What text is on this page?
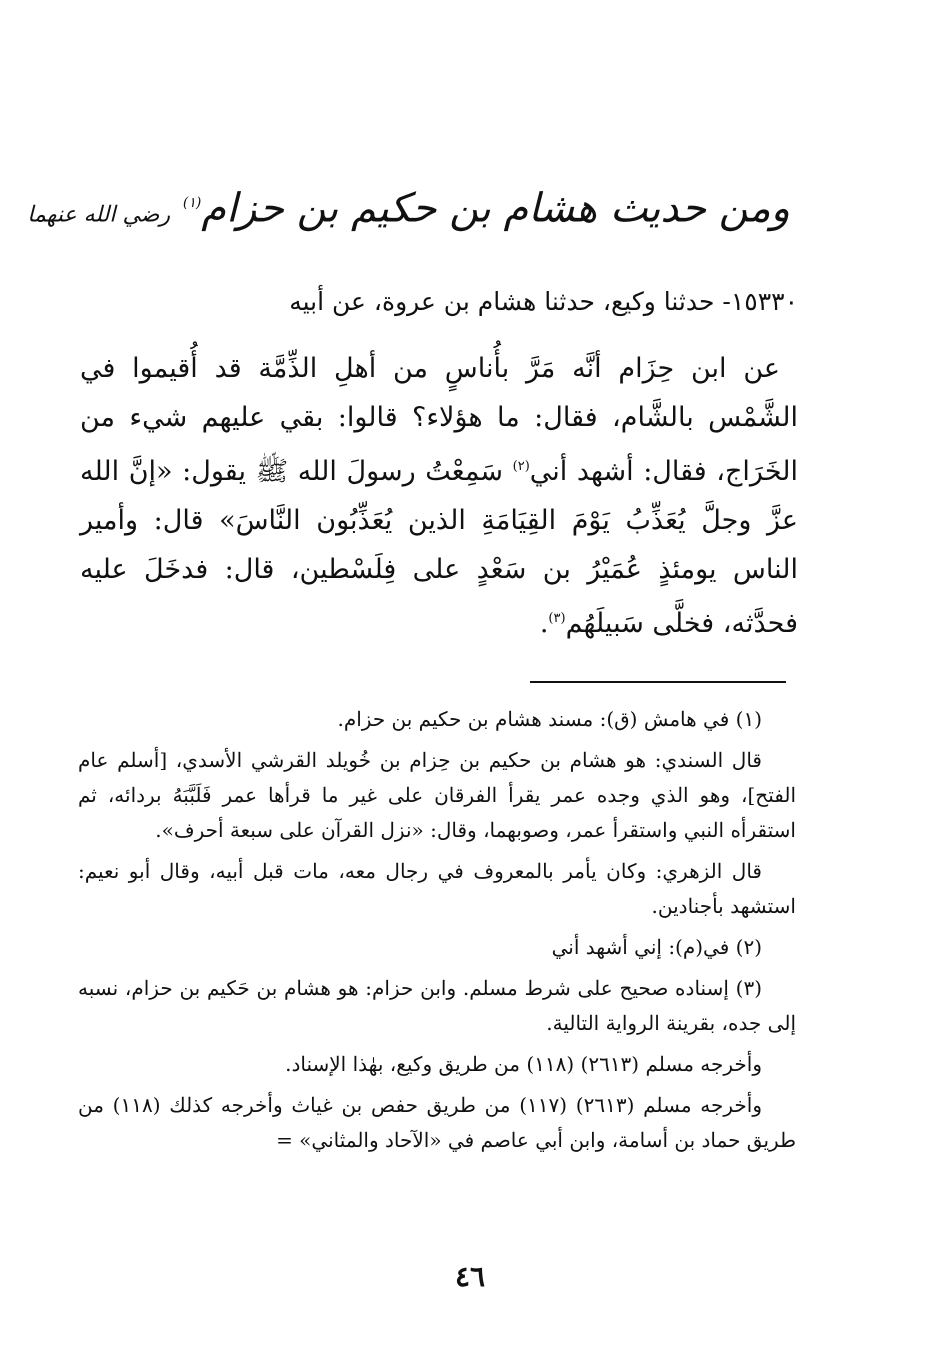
ومن حديث هشام بن حكيم بن حزام$^{(١)}$ رضي الله عنهما
١٥٣٣٠- حدثنا وكيع، حدثنا هشام بن عروة، عن أبيه
عن ابن حِزَام أنَّه مَرَّ بأُناسٍ من أهلِ الذِّمَّة قد أُقيموا في الشَّمْس بالشَّام، فقال: ما هؤلاء؟ قالوا: بقي عليهم شيء من الخَرَاج، فقال: أشهد أني$^{(٢)}$ سَمِعْتُ رسولَ الله ﷺ يقول: «إنَّ الله عزَّ وجلَّ يُعَذِّبُ يَوْمَ القِيَامَةِ الذين يُعَذِّبُون النَّاسَ» قال: وأمير الناس يومئذٍ عُمَيْرُ بن سَعْدٍ على فِلَسْطين، قال: فدخَلَ عليه فحدَّثه، فخلَّى سَبيلَهُم$^{(٣)}$.

(١) في هامش (ق): مسند هشام بن حكيم بن حزام.

قال السندي: هو هشام بن حكيم بن حِزام بن خُويلد القرشي الأسدي، [أسلم عام الفتح]، وهو الذي وجده عمر يقرأ الفرقان على غير ما قرأها عمر فَلَبَّبَهُ بردائه، ثم استقرأه النبي واستقرأ عمر، وصوبهما، وقال: «نزل القرآن على سبعة أحرف».

قال الزهري: وكان يأمر بالمعروف في رجال معه، مات قبل أبيه، وقال أبو نعيم: استشهد بأجنادين.

(٢) في(م): إني أشهد أني

(٣) إسناده صحيح على شرط مسلم. وابن حزام: هو هشام بن حَكيم بن حزام، نسبه إلى جده، بقرينة الرواية التالية.

وأخرجه مسلم (٢٦١٣) (١١٨) من طريق وكيع، بهٰذا الإسناد.

وأخرجه مسلم (٢٦١٣) (١١٧) من طريق حفص بن غياث وأخرجه كذلك (١١٨) من طريق حماد بن أسامة، وابن أبي عاصم في «الآحاد والمثاني» =

٤٦
